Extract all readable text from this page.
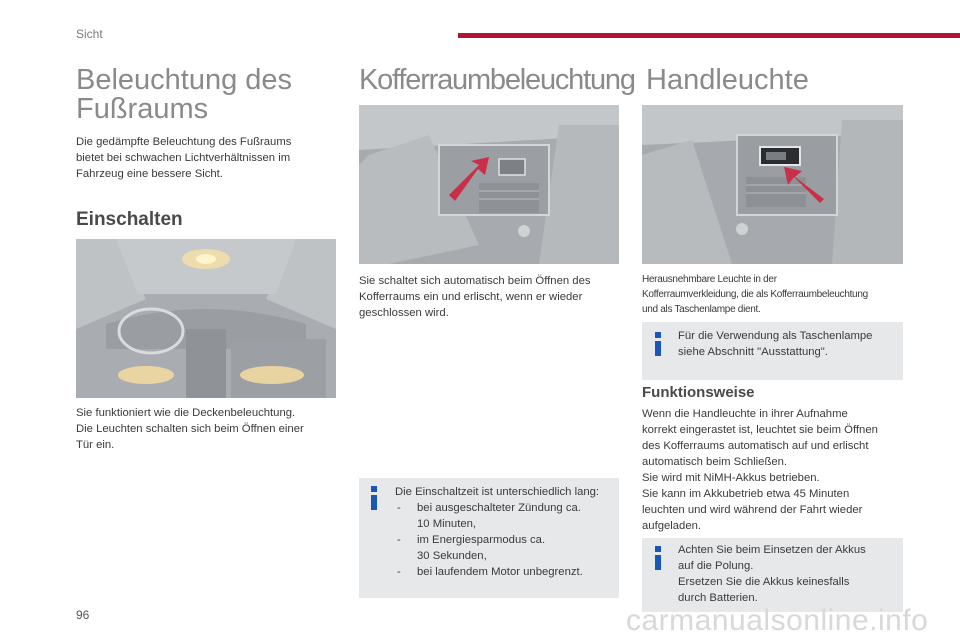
Sicht
Beleuchtung des
Fußraums
Die gedämpfte Beleuchtung des Fußraums
bietet bei schwachen Lichtverhältnissen im
Fahrzeug eine bessere Sicht.
Einschalten
Sie funktioniert wie die Deckenbeleuchtung.
Die Leuchten schalten sich beim Öffnen einer
Tür ein.
Kofferraumbeleuchtung
Sie schaltet sich automatisch beim Öffnen des
Kofferraums ein und erlischt, wenn er wieder
geschlossen wird.
Die Einschaltzeit ist unterschiedlich lang:
- bei ausgeschalteter Zündung ca.
10 Minuten,
- im Energiesparmodus ca.
30 Sekunden,
- bei laufendem Motor unbegrenzt.
Handleuchte
Herausnehmbare Leuchte in der
Kofferraumverkleidung, die als Kofferraumbeleuchtung
und als Taschenlampe dient.
Für die Verwendung als Taschenlampe
siehe Abschnitt "Ausstattung".
Funktionsweise
Wenn die Handleuchte in ihrer Aufnahme
korrekt eingerastet ist, leuchtet sie beim Öffnen
des Kofferraums automatisch auf und erlischt
automatisch beim Schließen.
Sie wird mit NiMH-Akkus betrieben.
Sie kann im Akkubetrieb etwa 45 Minuten
leuchten und wird während der Fahrt wieder
aufgeladen.
Achten Sie beim Einsetzen der Akkus
auf die Polung.
Ersetzen Sie die Akkus keinesfalls
durch Batterien.
96	carmanualsonline.info
